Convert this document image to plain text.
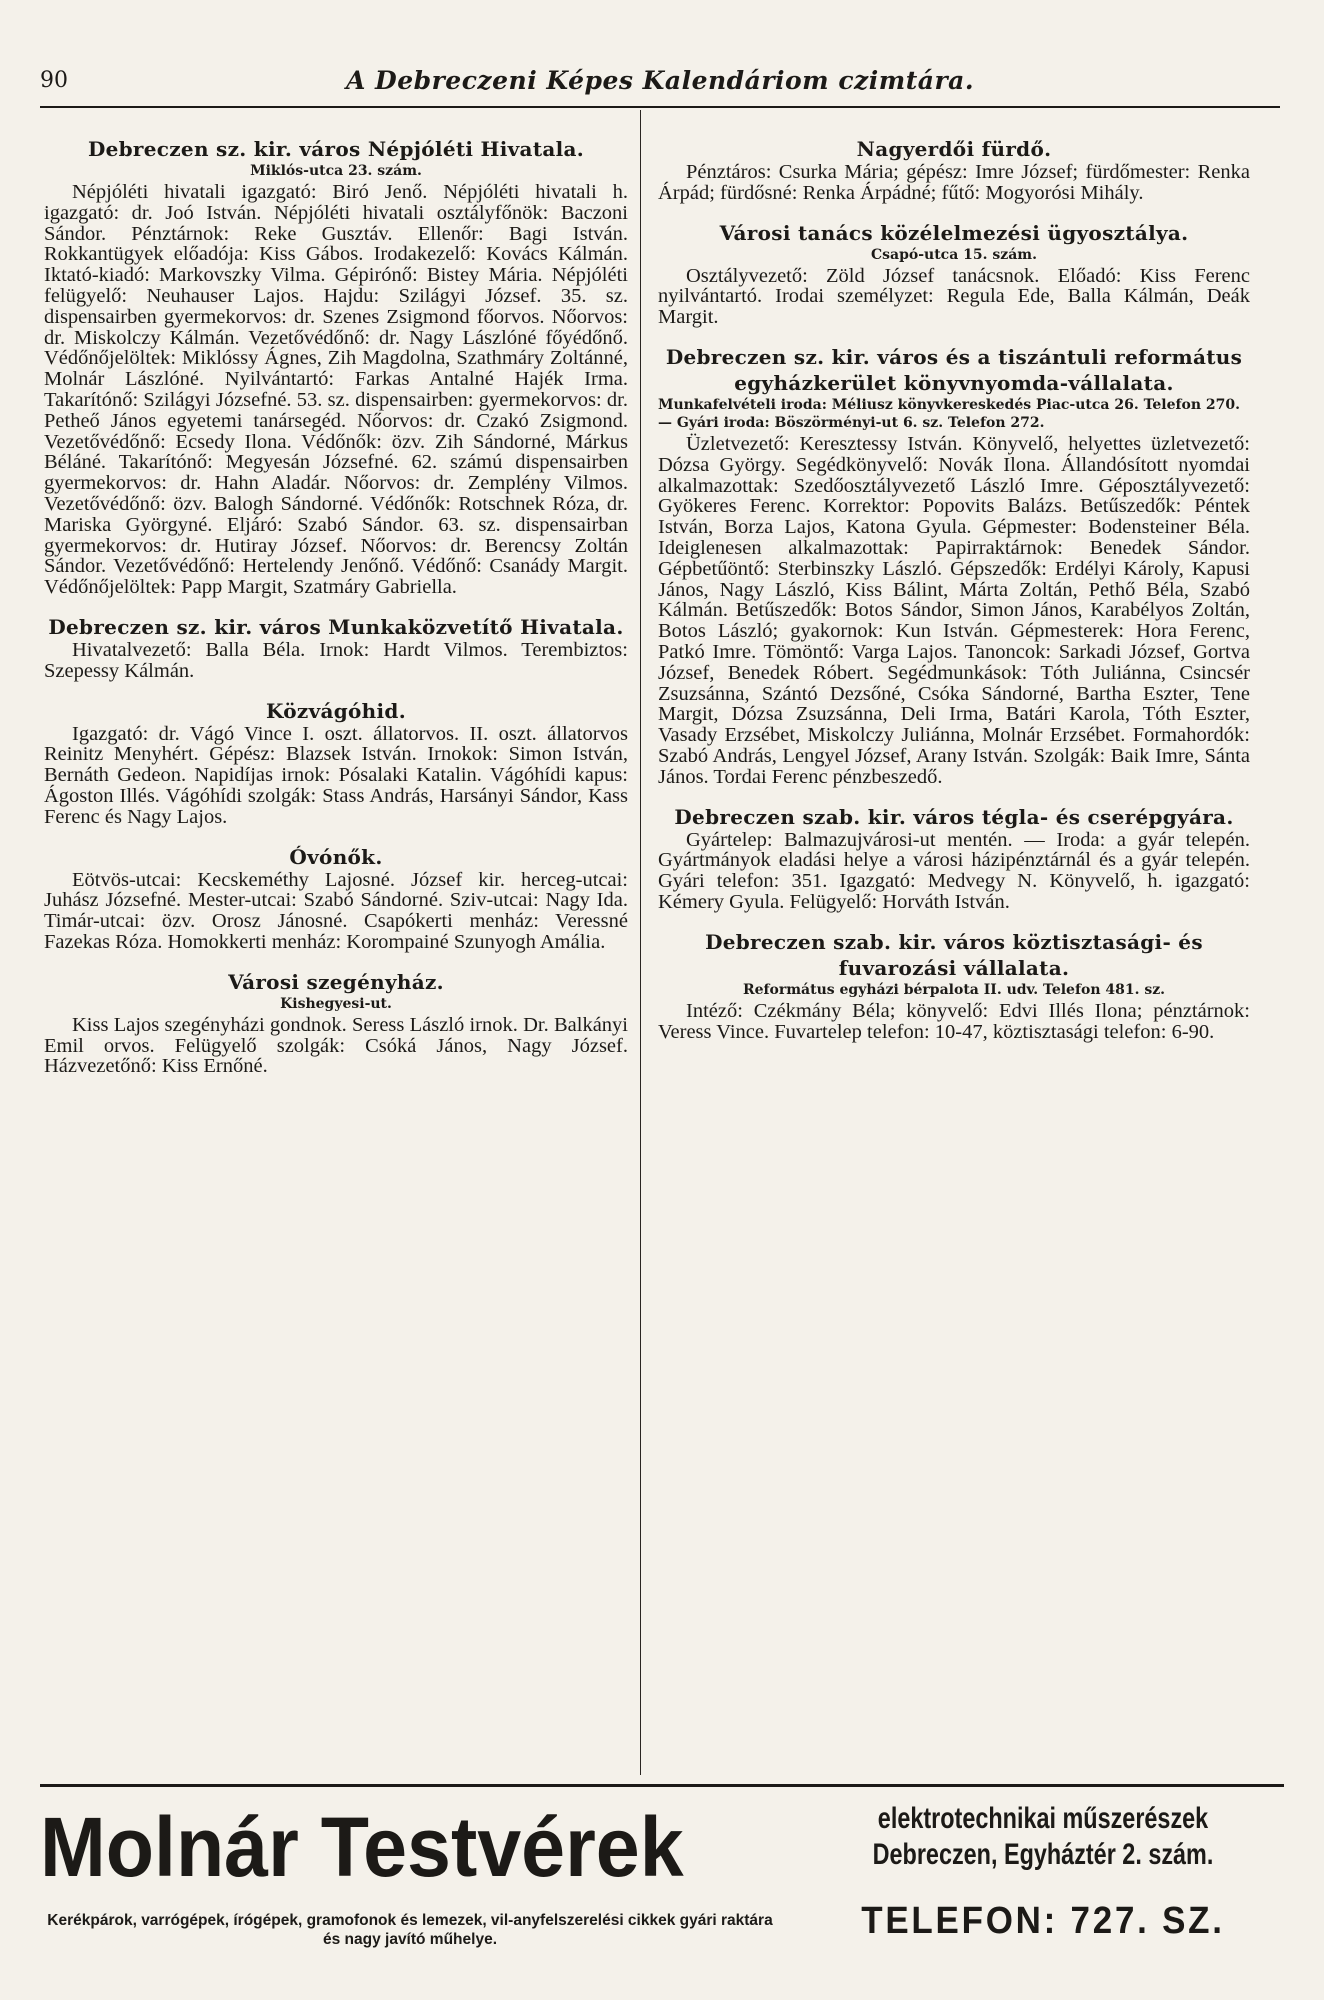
90	A Debreczeni Képes Kalendáriom czimtára.
Debreczen sz. kir. város Népjóléti Hivatala.
Miklós-utca 23. szám.

Népjóléti hivatali igazgató: Biró Jenő. Népjóléti hivatali h. igazgató: dr. Joó István. Népjóléti hivatali osztályfőnök: Baczoni Sándor. Pénztárnok: Reke Gusztáv. Ellenőr: Bagi István. Rokkantügyek előadója: Kiss Gábos. Irodakezelő: Kovács Kálmán. Iktató-kiadó: Markovszky Vilma. Gépirónő: Bistey Mária. Népjóléti felügyelő: Neuhauser Lajos. Hajdu: Szilágyi József. 35. sz. dispensairben gyermekorvos: dr. Szenes Zsigmond főorvos. Nőorvos: dr. Miskolczy Kálmán. Vezetővédőnő: dr. Nagy Lászlóné főyédőnő. Védőnőjelöltek: Miklóssy Ágnes, Zih Magdolna, Szathmáry Zoltánné, Molnár Lászlóné. Nyilvántartó: Farkas Antalné Hajék Irma. Takarítónő: Szilágyi Józsefné. 53. sz. dispensairben: gyermekorvos: dr. Petheő János egyetemi tanársegéd. Nőorvos: dr. Czakó Zsigmond. Vezetővédőnő: Ecsedy Ilona. Védőnők: özv. Zih Sándorné, Márkus Béláné. Takarítónő: Megyesán Józsefné. 62. számú dispensairben gyermekorvos: dr. Hahn Aladár. Nőorvos: dr. Zemplény Vilmos. Vezetővédőnő: özv. Balogh Sándorné. Védőnők: Rotschnek Róza, dr. Mariska Györgyné. Eljáró: Szabó Sándor. 63. sz. dispensairban gyermekorvos: dr. Hutiray József. Nőorvos: dr. Berencsy Zoltán Sándor. Vezetővédőnő: Hertelendy Jenőnő. Védőnő: Csanády Margit. Védőnőjelöltek: Papp Margit, Szatmáry Gabriella.

Debreczen sz. kir. város Munkaközvetítő Hivatala.

Hivatalvezető: Balla Béla. Irnok: Hardt Vilmos. Terembiztos: Szepessy Kálmán.

Közvágóhid.

Igazgató: dr. Vágó Vince I. oszt. állatorvos. II. oszt. állatorvos Reinitz Menyhért. Gépész: Blazsek István. Irnokok: Simon István, Bernáth Gedeon. Napidíjas irnok: Pósalaki Katalin. Vágóhídi kapus: Ágoston Illés. Vágóhídi szolgák: Stass András, Harsányi Sándor, Kass Ferenc és Nagy Lajos.

Óvónők.

Eötvös-utcai: Kecskeméthy Lajosné. József kir. herceg-utcai: Juhász Józsefné. Mester-utcai: Szabó Sándorné. Sziv-utcai: Nagy Ida. Timár-utcai: özv. Orosz Jánosné. Csapókerti menház: Veressné Fazekas Róza. Homokkerti menház: Korompainé Szunyogh Amália.

Városi szegényház.
Kishegyesi-ut.

Kiss Lajos szegényházi gondnok. Seress László irnok. Dr. Balkányi Emil orvos. Felügyelő szolgák: Csóká János, Nagy József. Házvezetőnő: Kiss Ernőné.

Nagyerdői fürdő.

Pénztáros: Csurka Mária; gépész: Imre József; fürdőmester: Renka Árpád; fürdősné: Renka Árpádné; fűtő: Mogyorósi Mihály.

Városi tanács közélelmezési ügyosztálya.
Csapó-utca 15. szám.

Osztályvezető: Zöld József tanácsnok. Előadó: Kiss Ferenc nyilvántartó. Irodai személyzet: Regula Ede, Balla Kálmán, Deák Margit.

Debreczen sz. kir. város és a tiszántuli református egyházkerület könyvnyomda-vállalata.
Munkafelvételi iroda: Méliusz könyvkereskedés Piac-utca 26. Telefon 270. — Gyári iroda: Böszörményi-ut 6. sz. Telefon 272.

Üzletvezető: Keresztessy István. Könyvelő, helyettes üzletvezető: Dózsa György. Segédkönyvelő: Novák Ilona. Állandósított nyomdai alkalmazottak: Szedőosztályvezető László Imre. Géposztályvezető: Gyökeres Ferenc. Korrektor: Popovits Balázs. Betűszedők: Péntek István, Borza Lajos, Katona Gyula. Gépmester: Bodensteiner Béla. Ideiglenesen alkalmazottak: Papirraktárnok: Benedek Sándor. Gépbetűöntő: Sterbinszky László. Gépszedők: Erdélyi Károly, Kapusi János, Nagy László, Kiss Bálint, Márta Zoltán, Pethő Béla, Szabó Kálmán. Betűszedők: Botos Sándor, Simon János, Karabélyos Zoltán, Botos László; gyakornok: Kun István. Gépmesterek: Hora Ferenc, Patkó Imre. Tömöntő: Varga Lajos. Tanoncok: Sarkadi József, Gortva József, Benedek Róbert. Segédmunkások: Tóth Juliánna, Csincsér Zsuzsánna, Szántó Dezsőné, Csóka Sándorné, Bartha Eszter, Tene Margit, Dózsa Zsuzsánna, Deli Irma, Batári Karola, Tóth Eszter, Vasady Erzsébet, Miskolczy Juliánna, Molnár Erzsébet. Formahordók: Szabó András, Lengyel József, Arany István. Szolgák: Baik Imre, Sánta János. Tordai Ferenc pénzbeszedő.

Debreczen szab. kir. város tégla- és cserépgyára.

Gyártelep: Balmazujvárosi-ut mentén. — Iroda: a gyár telepén. Gyártmányok eladási helye a városi házipénztárnál és a gyár telepén. Gyári telefon: 351. Igazgató: Medvegy N. Könyvelő, h. igazgató: Kémery Gyula. Felügyelő: Horváth István.

Debreczen szab. kir. város köztisztasági- és fuvarozási vállalata.
Református egyházi bérpalota II. udv. Telefon 481. sz.

Intéző: Czékmány Béla; könyvelő: Edvi Illés Ilona; pénztárnok: Veress Vince. Fuvartelep telefon: 10-47, köztisztasági telefon: 6-90.

Molnár Testvérek
Kerékpárok, varrógépek, írógépek, gramofonok és lemezek, vil-anyfelszerelési cikkek gyári raktára és nagy javító műhelye.
elektrotechnikai műszerészek
Debreczen, Egyháztér 2. szám.
TELEFON: 727. SZ.
